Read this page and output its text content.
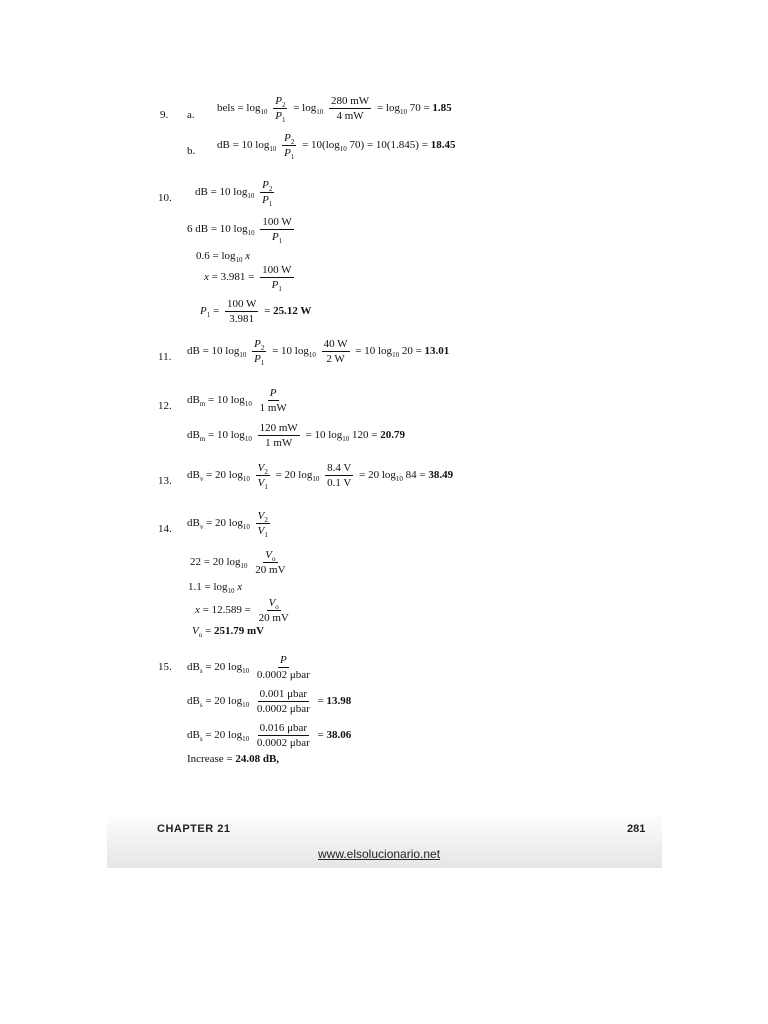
9. a.
bels = $\log_{10} \frac{P_2}{P_1} = \log_{10} \frac{280 mW}{4 mW} = \log_{10} 70 = 1.85$
b. dB = 10 $\log_{10} \frac{P_2}{P_1} = 10(\log_{10}$ 70) = 10(1.845) = 18.45
10. dB = 10 $\log_{10} \frac{P_2}{P_1}$
6 dB = 10 $\log_{10} \frac{100 W}{P_1}$
$0.6 = \log_{10} x$
$x = 3.981 = \frac{100 W}{P_1}$
$P_1 = \frac{100 W}{3.981} = 25.12$ W
11. dB = 10 $\log_{10} \frac{P_2}{P_1} = 10$ $\log_{10} \frac{40 W}{2 W} = 10$ $\log_{10} 20 = 13.01$
12. $dB_m = 10$ $\log_{10} \frac{P}{1 mW}$
$dB_m = 10$ $\log_{10} \frac{120 mW}{1 mW} = 10$ $\log_{10} 120 = 20.79$
13. $dB_v = 20$ $\log_{10} \frac{V_2}{V_1} = 20$ $\log_{10} \frac{8.4 V}{0.1 V} = 20$ $\log_{10} 84 = 38.49$
14. $dB_v = 20$ $\log_{10} \frac{V_2}{V_1}$
22 = 20 $\log_{10} \frac{V_o}{20 mV}$
$1.1 = \log_{10} x$
$x = 12.589 = \frac{V_o}{20 mV}$
$V_o = 251.79$ mV
15. $dB_s = 20$ $\log_{10} \frac{P}{\text{0.0002 μbar}}$
$dB_s = 20$ $\log_{10} \frac{\text{0.001 μbar}}{\text{0.0002 μbar}} = 13.98$
$dB_s = 20$ $\log_{10} \frac{\text{0.016 μbar}}{\text{0.0002 μbar}} = 38.06$
Increase = 24.08 dB,
CHAPTER 21	281
www.elsolucionario.net
